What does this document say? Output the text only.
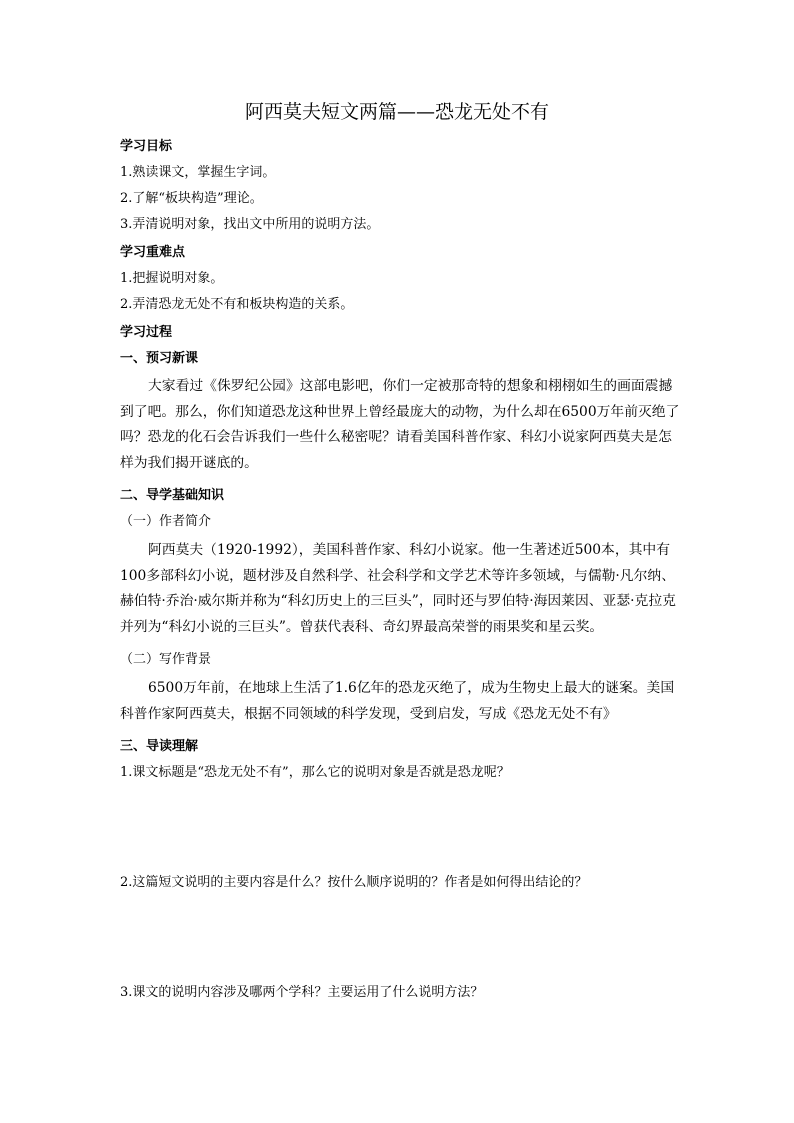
阿西莫夫短文两篇——恐龙无处不有
学习目标
1.熟读课文，掌握生字词。
2.了解“板块构造”理论。
3.弄清说明对象，找出文中所用的说明方法。
学习重难点
1.把握说明对象。
2.弄清恐龙无处不有和板块构造的关系。
学习过程
一、预习新课
大家看过《侏罗纪公园》这部电影吧，你们一定被那奇特的想象和栩栩如生的画面震撼到了吧。那么，你们知道恐龙这种世界上曾经最庞大的动物，为什么却在6500万年前灭绝了吗？恐龙的化石会告诉我们一些什么秘密呢？请看美国科普作家、科幻小说家阿西莫夫是怎样为我们揭开谜底的。
二、导学基础知识
（一）作者简介
阿西莫夫（1920-1992），美国科普作家、科幻小说家。他一生著述近500本，其中有100多部科幻小说，题材涉及自然科学、社会科学和文学艺术等许多领域，与儒勒·凡尔纳、赫伯特·乔治·威尔斯并称为“科幻历史上的三巨头”，同时还与罗伯特·海因莱因、亚瑟·克拉克并列为“科幻小说的三巨头”。曾获代表科、奇幻界最高荣誉的雨果奖和星云奖。
（二）写作背景
6500万年前，在地球上生活了1.6亿年的恐龙灭绝了，成为生物史上最大的谜案。美国科普作家阿西莫夫，根据不同领域的科学发现，受到启发，写成《恐龙无处不有》
三、导读理解
1.课文标题是“恐龙无处不有”，那么它的说明对象是否就是恐龙呢？
2.这篇短文说明的主要内容是什么？按什么顺序说明的？作者是如何得出结论的？
3.课文的说明内容涉及哪两个学科？主要运用了什么说明方法？
